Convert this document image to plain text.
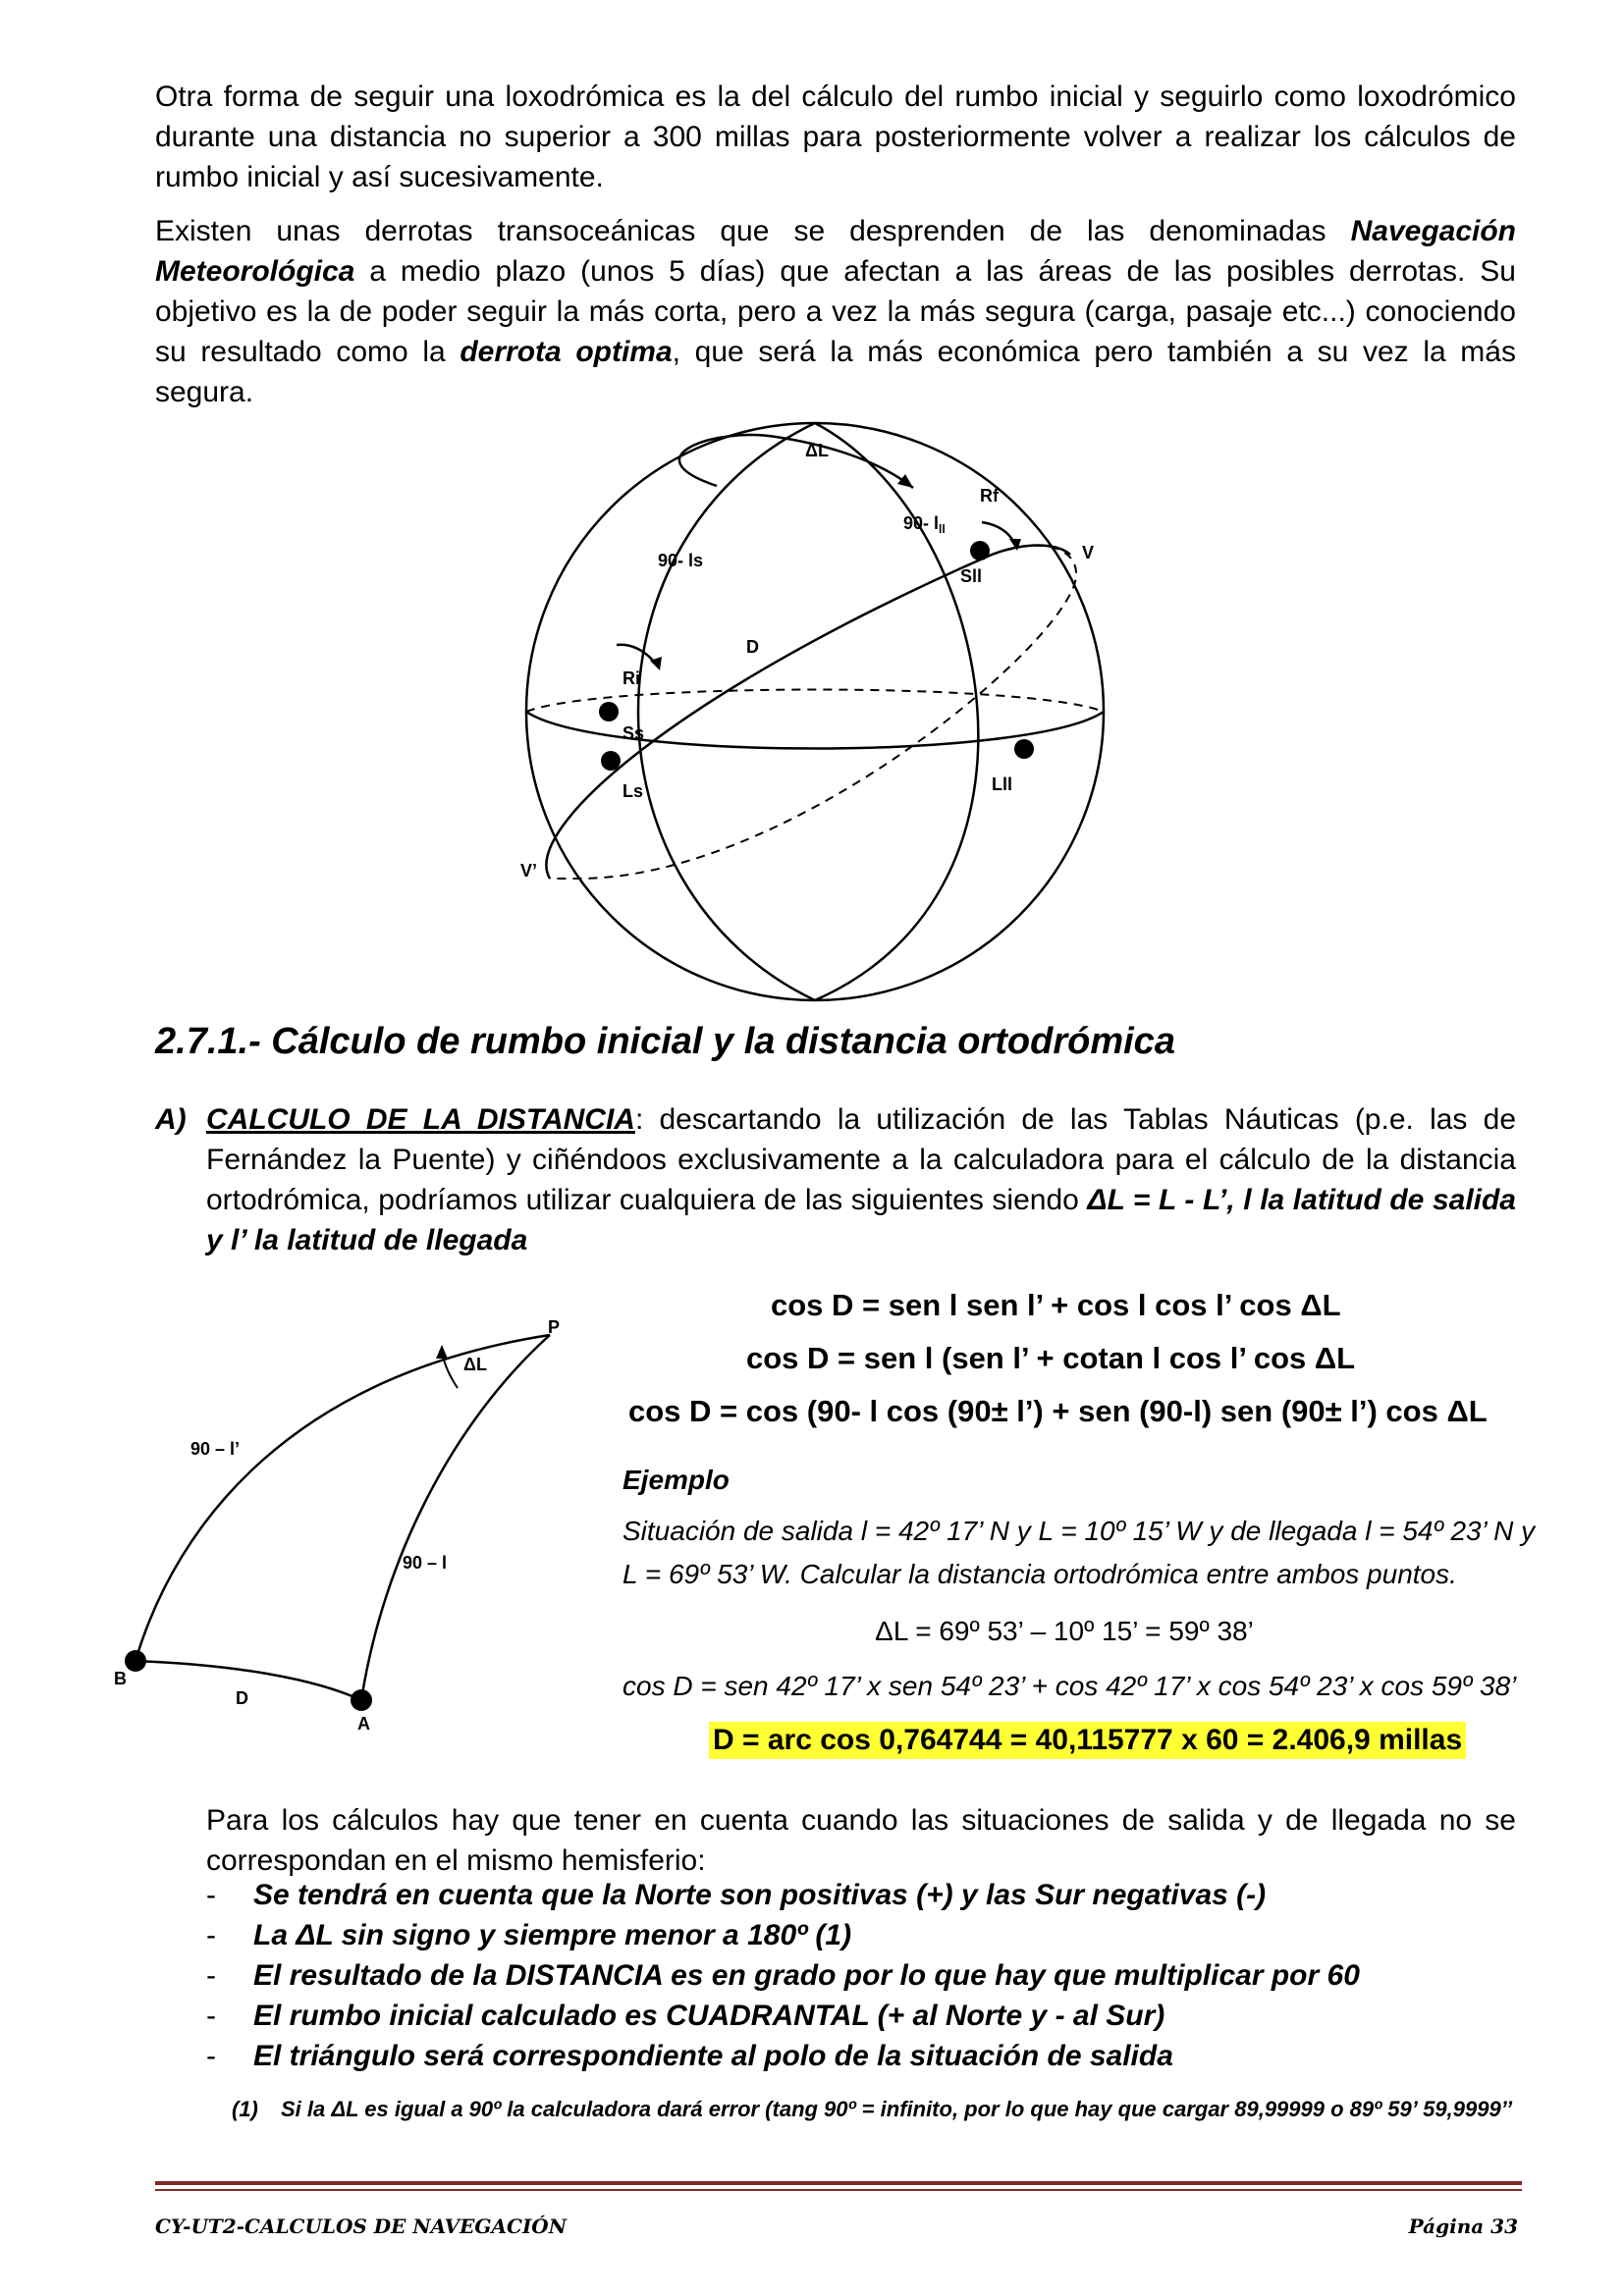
Otra forma de seguir una loxodrómica es la del cálculo del rumbo inicial y seguirlo como loxodrómico durante una distancia no superior a 300 millas para posteriormente volver a realizar los cálculos de rumbo inicial y así sucesivamente.

Existen unas derrotas transoceánicas que se desprenden de las denominadas Navegación Meteorológica a medio plazo (unos 5 días) que afectan a las áreas de las posibles derrotas. Su objetivo es la de poder seguir la más corta, pero a vez la más segura (carga, pasaje etc...) conociendo su resultado como la derrota optima, que será la más económica pero también a su vez la más segura.

ΔL
Rf
V
90- $l_{ll}$
Sll
90- ls
D
Ri
Ss
Ls	Lll
V’
2.7.1.- Cálculo de rumbo inicial y la distancia ortodrómica
A) CALCULO DE LA DISTANCIA: descartando la utilización de las Tablas Náuticas (p.e. las de Fernández la Puente) y ciñéndoos exclusivamente a la calculadora para el cálculo de la distancia ortodrómica, podríamos utilizar cualquiera de las siguientes siendo ΔL = L - L’, l la latitud de salida y l’ la latitud de llegada
cos D = sen l sen l’ + cos l cos l’ cos ΔL
cos D = sen l (sen l’ + cotan l cos l’ cos ΔL
cos D = cos (90- l cos (90± l’) + sen (90-l) sen (90± l’) cos ΔL
P
ΔL
90 – l’
90 – l
B
D
A
Ejemplo
Situación de salida l = 42º 17’ N y L = 10º 15’ W y de llegada l = 54º 23’ N y
L = 69º 53’ W. Calcular la distancia ortodrómica entre ambos puntos.
ΔL = 69º 53’ – 10º 15’ = 59º 38’
cos D = sen 42º 17’ x sen 54º 23’ + cos 42º 17’ x cos 54º 23’ x cos 59º 38’
D = arc cos 0,764744 = 40,115777 x 60 = 2.406,9 millas

Para los cálculos hay que tener en cuenta cuando las situaciones de salida y de llegada no se correspondan en el mismo hemisferio:

- Se tendrá en cuenta que la Norte son positivas (+) y las Sur negativas (-)
- La ΔL sin signo y siempre menor a 180º (1)
- El resultado de la DISTANCIA es en grado por lo que hay que multiplicar por 60
- El rumbo inicial calculado es CUADRANTAL (+ al Norte y - al Sur)
- El triángulo será correspondiente al polo de la situación de salida
(1) Si la ΔL es igual a 90º la calculadora dará error (tang 90º = infinito, por lo que hay que cargar 89,99999 o 89º 59’ 59,9999’’
CY-UT2-CALCULOS DE NAVEGACIÓN	Página 33
